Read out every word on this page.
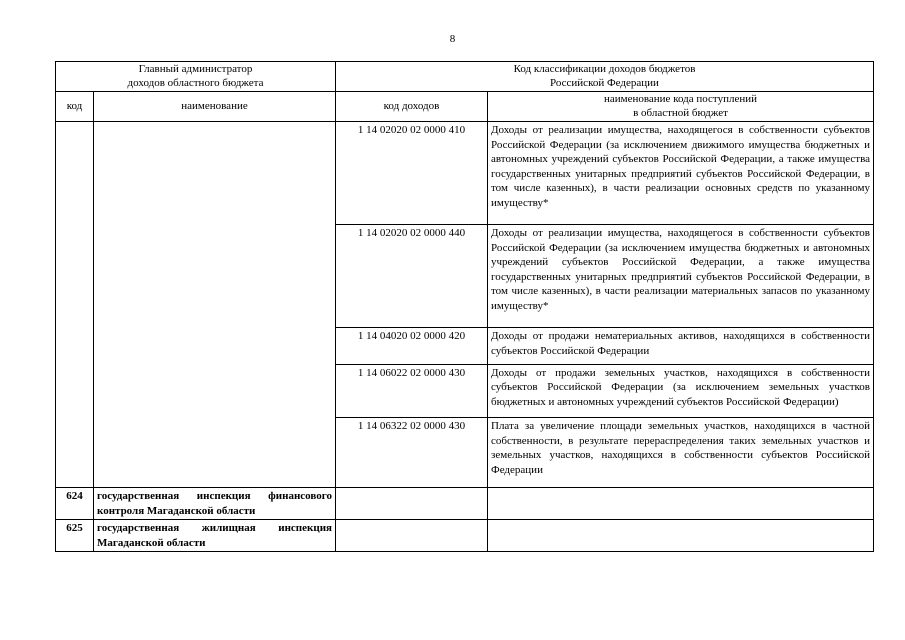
8
Главный администратор
доходов областного бюджета		Код классификации доходов бюджетов
Российской Федерации	

код	наименование	код доходов	наименование кода поступлений
в областной бюджет

		1 14 02020 02 0000 410	Доходы от реализации имущества, находящегося в собственности субъектов Российской Федерации (за исключением движимого имущества бюджетных и автономных учреждений субъектов Российской Федерации, а также имущества государственных унитарных предприятий субъектов Российской Федерации, в том числе казенных), в части реализации основных средств по указанному имуществу*
		1 14 02020 02 0000 440	Доходы от реализации имущества, находящегося в собственности субъектов Российской Федерации (за исключением имущества бюджетных и автономных учреждений субъектов Российской Федерации, а также имущества государственных унитарных предприятий субъектов Российской Федерации, в том числе казенных), в части реализации материальных запасов по указанному имуществу*
		1 14 04020 02 0000 420	Доходы от продажи нематериальных активов, находящихся в собственности субъектов Российской Федерации
		1 14 06022 02 0000 430	Доходы от продажи земельных участков, находящихся в собственности субъектов Российской Федерации (за исключением земельных участков бюджетных и автономных учреждений субъектов Российской Федерации)
		1 14 06322 02 0000 430	Плата за увеличение площади земельных участков, находящихся в частной собственности, в результате перераспределения таких земельных участков и земельных участков, находящихся в собственности субъектов Российской Федерации
624	государственная инспекция финансового контроля Магаданской области		
625	государственная жилищная инспекция Магаданской области		
